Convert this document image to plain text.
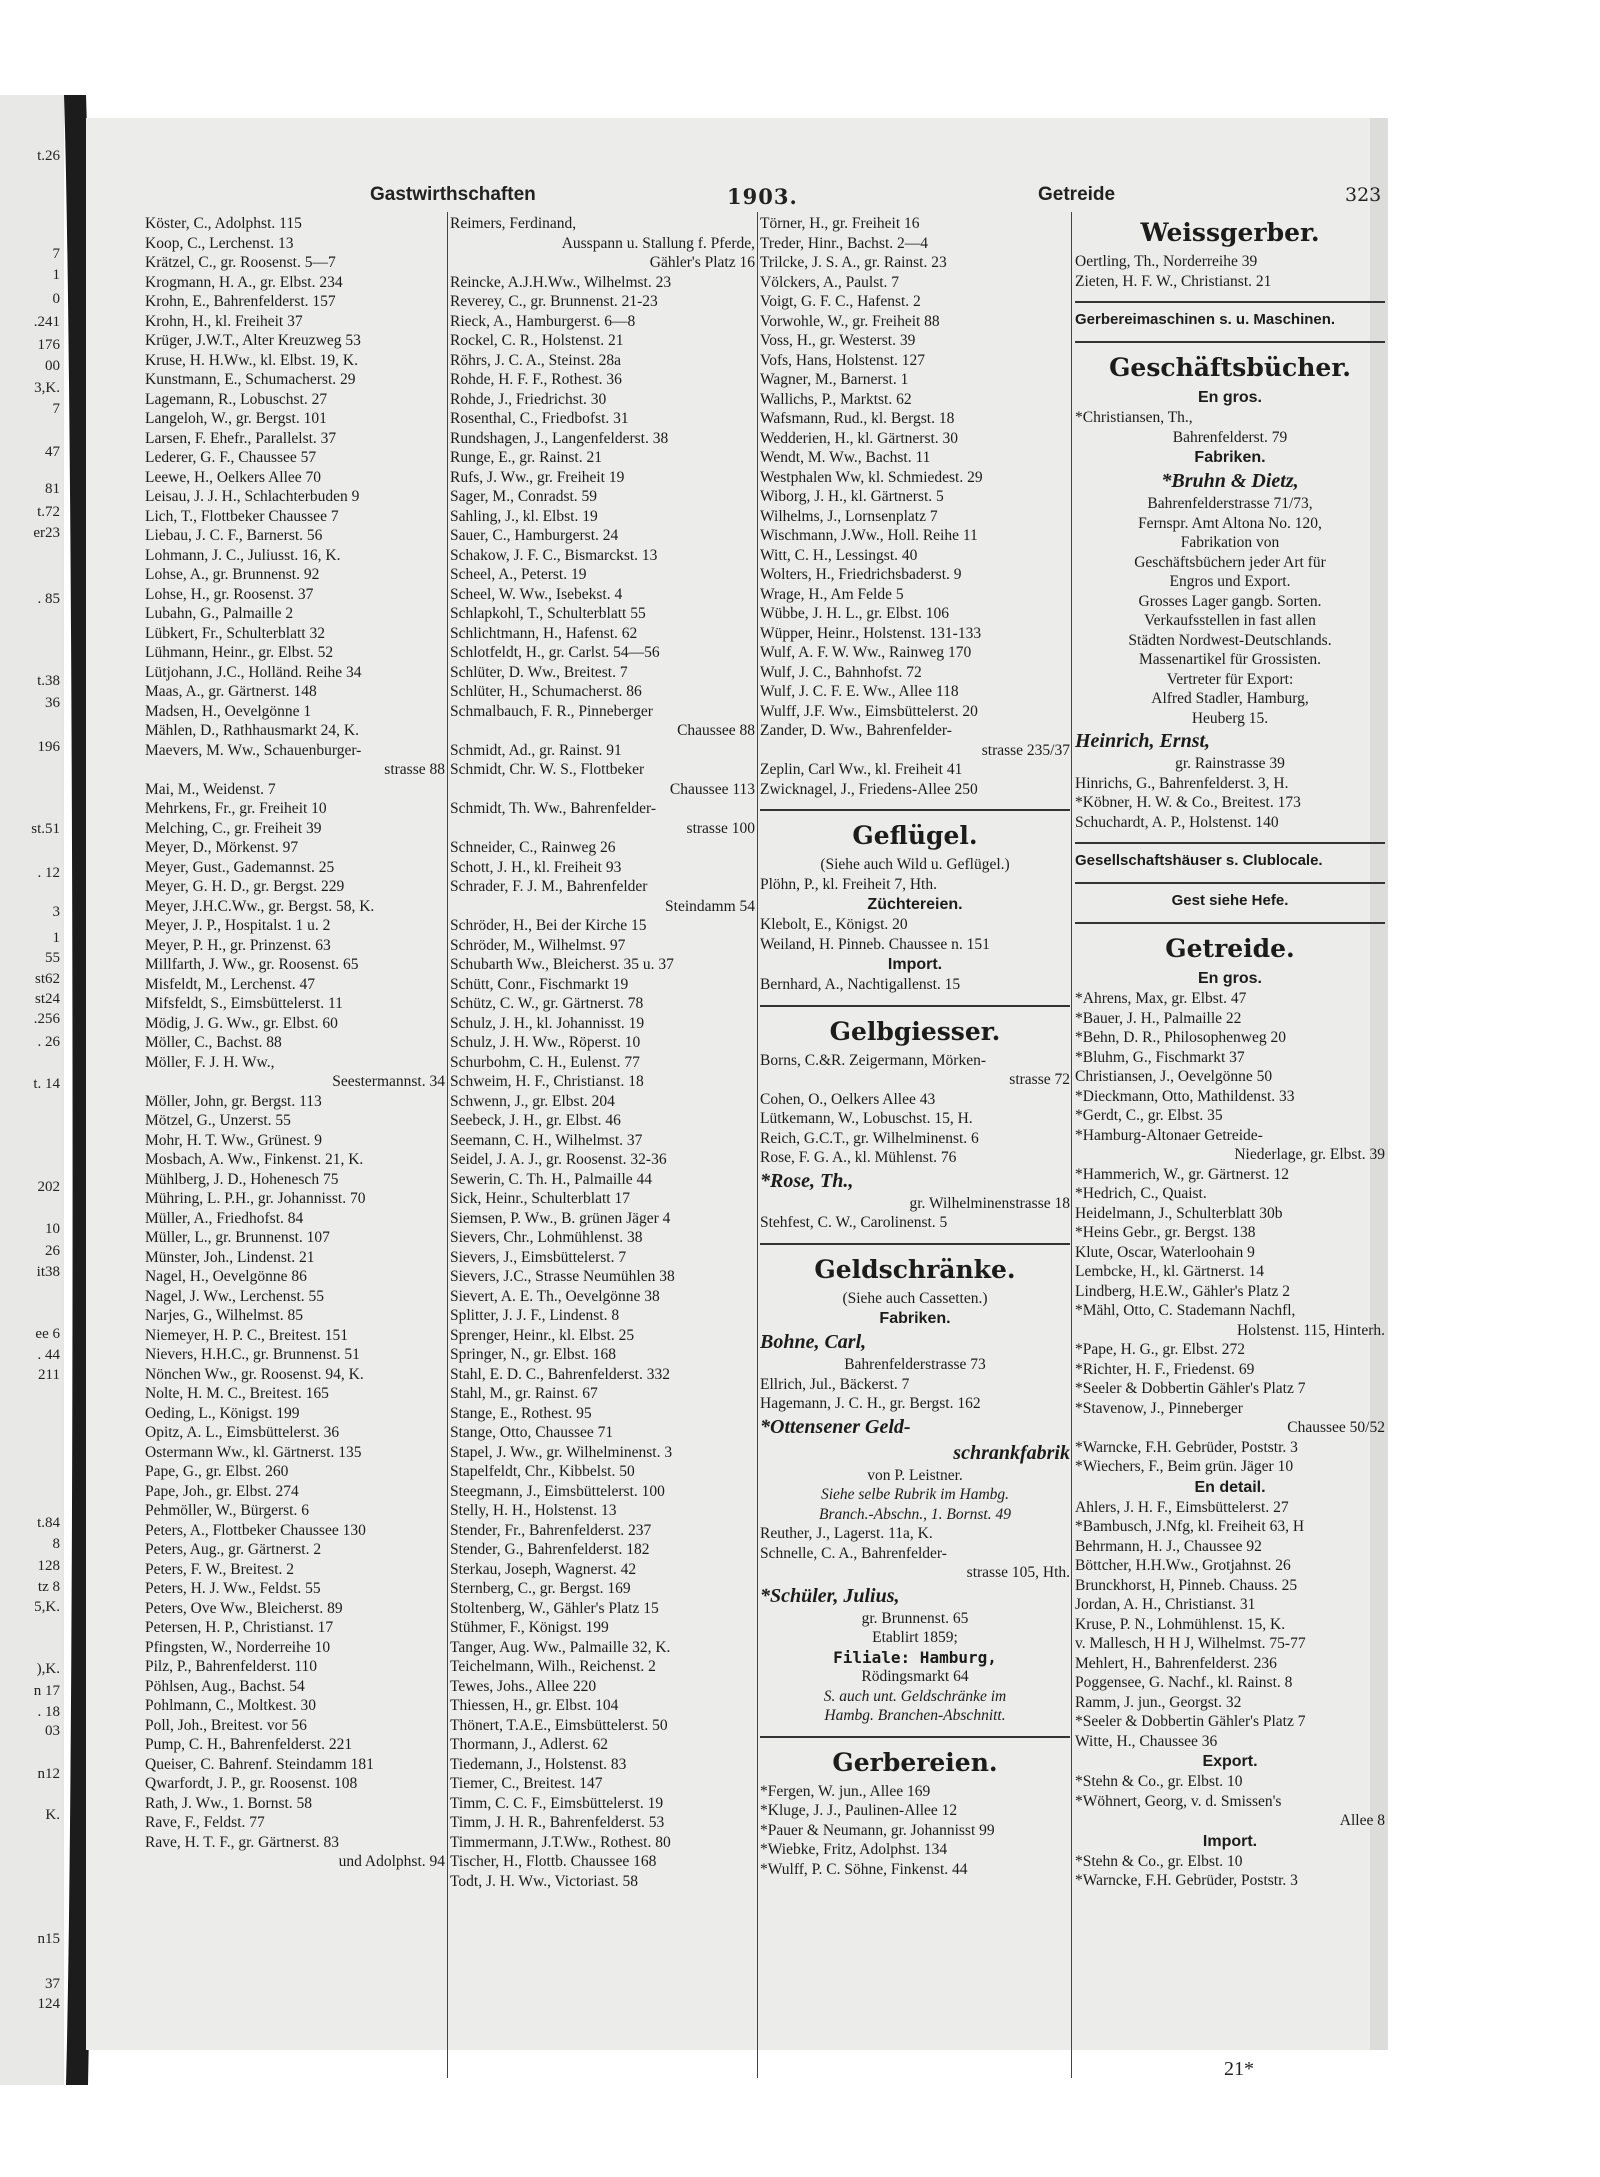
t.26
7
1
0
.241
176
00
3,K.
7
47
81
t.72
er23
. 85
t.38
36
196
st.51
. 12
3
1
55
st62
st24
.256
. 26
t. 14
202
10
26
it38
ee 6
. 44
211
t.84
8
128
tz 8
5,K.
),K.
n 17
. 18
03
n12
K.
n15
37
124
Gastwirthschaften	1903.	Getreide	323
Köster, C., Adolphst. 115
Koop, C., Lerchenst. 13
Krätzel, C., gr. Roosenst. 5—7
Krogmann, H. A., gr. Elbst. 234
Krohn, E., Bahrenfelderst. 157
Krohn, H., kl. Freiheit 37
Krüger, J.W.T., Alter Kreuzweg 53
Kruse, H. H.Ww., kl. Elbst. 19, K.
Kunstmann, E., Schumacherst. 29
Lagemann, R., Lobuschst. 27
Langeloh, W., gr. Bergst. 101
Larsen, F. Ehefr., Parallelst. 37
Lederer, G. F., Chaussee 57
Leewe, H., Oelkers Allee 70
Leisau, J. J. H., Schlachterbuden 9
Lich, T., Flottbeker Chaussee 7
Liebau, J. C. F., Barnerst. 56
Lohmann, J. C., Juliusst. 16, K.
Lohse, A., gr. Brunnenst. 92
Lohse, H., gr. Roosenst. 37
Lubahn, G., Palmaille 2
Lübkert, Fr., Schulterblatt 32
Lühmann, Heinr., gr. Elbst. 52
Lütjohann, J.C., Holländ. Reihe 34
Maas, A., gr. Gärtnerst. 148
Madsen, H., Oevelgönne 1
Mählen, D., Rathhausmarkt 24, K.
Maevers, M. Ww., Schauenburger-
strasse 88
Mai, M., Weidenst. 7
Mehrkens, Fr., gr. Freiheit 10
Melching, C., gr. Freiheit 39
Meyer, D., Mörkenst. 97
Meyer, Gust., Gademannst. 25
Meyer, G. H. D., gr. Bergst. 229
Meyer, J.H.C.Ww., gr. Bergst. 58, K.
Meyer, J. P., Hospitalst. 1 u. 2
Meyer, P. H., gr. Prinzenst. 63
Millfarth, J. Ww., gr. Roosenst. 65
Misfeldt, M., Lerchenst. 47
Mifsfeldt, S., Eimsbüttelerst. 11
Mödig, J. G. Ww., gr. Elbst. 60
Möller, C., Bachst. 88
Möller, F. J. H. Ww.,
Seestermannst. 34
Möller, John, gr. Bergst. 113
Mötzel, G., Unzerst. 55
Mohr, H. T. Ww., Grünest. 9
Mosbach, A. Ww., Finkenst. 21, K.
Mühlberg, J. D., Hohenesch 75
Mühring, L. P.H., gr. Johannisst. 70
Müller, A., Friedhofst. 84
Müller, L., gr. Brunnenst. 107
Münster, Joh., Lindenst. 21
Nagel, H., Oevelgönne 86
Nagel, J. Ww., Lerchenst. 55
Narjes, G., Wilhelmst. 85
Niemeyer, H. P. C., Breitest. 151
Nievers, H.H.C., gr. Brunnenst. 51
Nönchen Ww., gr. Roosenst. 94, K.
Nolte, H. M. C., Breitest. 165
Oeding, L., Königst. 199
Opitz, A. L., Eimsbüttelerst. 36
Ostermann Ww., kl. Gärtnerst. 135
Pape, G., gr. Elbst. 260
Pape, Joh., gr. Elbst. 274
Pehmöller, W., Bürgerst. 6
Peters, A., Flottbeker Chaussee 130
Peters, Aug., gr. Gärtnerst. 2
Peters, F. W., Breitest. 2
Peters, H. J. Ww., Feldst. 55
Peters, Ove Ww., Bleicherst. 89
Petersen, H. P., Christianst. 17
Pfingsten, W., Norderreihe 10
Pilz, P., Bahrenfelderst. 110
Pöhlsen, Aug., Bachst. 54
Pohlmann, C., Moltkest. 30
Poll, Joh., Breitest. vor 56
Pump, C. H., Bahrenfelderst. 221
Queiser, C. Bahrenf. Steindamm 181
Qwarfordt, J. P., gr. Roosenst. 108
Rath, J. Ww., 1. Bornst. 58
Rave, F., Feldst. 77
Rave, H. T. F., gr. Gärtnerst. 83
und Adolphst. 94
Reimers, Ferdinand,
Ausspann u. Stallung f. Pferde,
Gähler's Platz 16
Reincke, A.J.H.Ww., Wilhelmst. 23
Reverey, C., gr. Brunnenst. 21-23
Rieck, A., Hamburgerst. 6—8
Rockel, C. R., Holstenst. 21
Röhrs, J. C. A., Steinst. 28a
Rohde, H. F. F., Rothest. 36
Rohde, J., Friedrichst. 30
Rosenthal, C., Friedbofst. 31
Rundshagen, J., Langenfelderst. 38
Runge, E., gr. Rainst. 21
Rufs, J. Ww., gr. Freiheit 19
Sager, M., Conradst. 59
Sahling, J., kl. Elbst. 19
Sauer, C., Hamburgerst. 24
Schakow, J. F. C., Bismarckst. 13
Scheel, A., Peterst. 19
Scheel, W. Ww., Isebekst. 4
Schlapkohl, T., Schulterblatt 55
Schlichtmann, H., Hafenst. 62
Schlotfeldt, H., gr. Carlst. 54—56
Schlüter, D. Ww., Breitest. 7
Schlüter, H., Schumacherst. 86
Schmalbauch, F. R., Pinneberger
Chaussee 88
Schmidt, Ad., gr. Rainst. 91
Schmidt, Chr. W. S., Flottbeker
Chaussee 113
Schmidt, Th. Ww., Bahrenfelder-
strasse 100
Schneider, C., Rainweg 26
Schott, J. H., kl. Freiheit 93
Schrader, F. J. M., Bahrenfelder
Steindamm 54
Schröder, H., Bei der Kirche 15
Schröder, M., Wilhelmst. 97
Schubarth Ww., Bleicherst. 35 u. 37
Schütt, Conr., Fischmarkt 19
Schütz, C. W., gr. Gärtnerst. 78
Schulz, J. H., kl. Johannisst. 19
Schulz, J. H. Ww., Röperst. 10
Schurbohm, C. H., Eulenst. 77
Schweim, H. F., Christianst. 18
Schwenn, J., gr. Elbst. 204
Seebeck, J. H., gr. Elbst. 46
Seemann, C. H., Wilhelmst. 37
Seidel, J. A. J., gr. Roosenst. 32-36
Sewerin, C. Th. H., Palmaille 44
Sick, Heinr., Schulterblatt 17
Siemsen, P. Ww., B. grünen Jäger 4
Sievers, Chr., Lohmühlenst. 38
Sievers, J., Eimsbüttelerst. 7
Sievers, J.C., Strasse Neumühlen 38
Sievert, A. E. Th., Oevelgönne 38
Splitter, J. J. F., Lindenst. 8
Sprenger, Heinr., kl. Elbst. 25
Springer, N., gr. Elbst. 168
Stahl, E. D. C., Bahrenfelderst. 332
Stahl, M., gr. Rainst. 67
Stange, E., Rothest. 95
Stange, Otto, Chaussee 71
Stapel, J. Ww., gr. Wilhelminenst. 3
Stapelfeldt, Chr., Kibbelst. 50
Steegmann, J., Eimsbüttelerst. 100
Stelly, H. H., Holstenst. 13
Stender, Fr., Bahrenfelderst. 237
Stender, G., Bahrenfelderst. 182
Sterkau, Joseph, Wagnerst. 42
Sternberg, C., gr. Bergst. 169
Stoltenberg, W., Gähler's Platz 15
Stühmer, F., Königst. 199
Tanger, Aug. Ww., Palmaille 32, K.
Teichelmann, Wilh., Reichenst. 2
Tewes, Johs., Allee 220
Thiessen, H., gr. Elbst. 104
Thönert, T.A.E., Eimsbüttelerst. 50
Thormann, J., Adlerst. 62
Tiedemann, J., Holstenst. 83
Tiemer, C., Breitest. 147
Timm, C. C. F., Eimsbüttelerst. 19
Timm, J. H. R., Bahrenfelderst. 53
Timmermann, J.T.Ww., Rothest. 80
Tischer, H., Flottb. Chaussee 168
Todt, J. H. Ww., Victoriast. 58
Törner, H., gr. Freiheit 16
Treder, Hinr., Bachst. 2—4
Trilcke, J. S. A., gr. Rainst. 23
Völckers, A., Paulst. 7
Voigt, G. F. C., Hafenst. 2
Vorwohle, W., gr. Freiheit 88
Voss, H., gr. Westerst. 39
Vofs, Hans, Holstenst. 127
Wagner, M., Barnerst. 1
Wallichs, P., Marktst. 62
Wafsmann, Rud., kl. Bergst. 18
Wedderien, H., kl. Gärtnerst. 30
Wendt, M. Ww., Bachst. 11
Westphalen Ww, kl. Schmiedest. 29
Wiborg, J. H., kl. Gärtnerst. 5
Wilhelms, J., Lornsenplatz 7
Wischmann, J.Ww., Holl. Reihe 11
Witt, C. H., Lessingst. 40
Wolters, H., Friedrichsbaderst. 9
Wrage, H., Am Felde 5
Wübbe, J. H. L., gr. Elbst. 106
Wüpper, Heinr., Holstenst. 131-133
Wulf, A. F. W. Ww., Rainweg 170
Wulf, J. C., Bahnhofst. 72
Wulf, J. C. F. E. Ww., Allee 118
Wulff, J.F. Ww., Eimsbüttelerst. 20
Zander, D. Ww., Bahrenfelder-
strasse 235/37
Zeplin, Carl Ww., kl. Freiheit 41
Zwicknagel, J., Friedens-Allee 250
Geflügel.
(Siehe auch Wild u. Geflügel.)
Plöhn, P., kl. Freiheit 7, Hth.
Züchtereien.
Klebolt, E., Königst. 20
Weiland, H. Pinneb. Chaussee n. 151
Import.
Bernhard, A., Nachtigallenst. 15
Gelbgiesser.
Borns, C.&R. Zeigermann, Mörken-
strasse 72
Cohen, O., Oelkers Allee 43
Lütkemann, W., Lobuschst. 15, H.
Reich, G.C.T., gr. Wilhelminenst. 6
Rose, F. G. A., kl. Mühlenst. 76
*Rose, Th.,
gr. Wilhelminenstrasse 18
Stehfest, C. W., Carolinenst. 5
Geldschränke.
(Siehe auch Cassetten.)
Fabriken.
Bohne, Carl,
Bahrenfelderstrasse 73
Ellrich, Jul., Bäckerst. 7
Hagemann, J. C. H., gr. Bergst. 162
*Ottensener Geld-
schrankfabrik
von P. Leistner.
Siehe selbe Rubrik im Hambg.
Branch.-Abschn., 1. Bornst. 49
Reuther, J., Lagerst. 11a, K.
Schnelle, C. A., Bahrenfelder-
strasse 105, Hth.
*Schüler, Julius,
gr. Brunnenst. 65
Etablirt 1859;
Filiale: Hamburg,
Rödingsmarkt 64
S. auch unt. Geldschränke im
Hambg. Branchen-Abschnitt.
Gerbereien.
*Fergen, W. jun., Allee 169
*Kluge, J. J., Paulinen-Allee 12
*Pauer & Neumann, gr. Johannisst 99
*Wiebke, Fritz, Adolphst. 134
*Wulff, P. C. Söhne, Finkenst. 44
Weissgerber.
Oertling, Th., Norderreihe 39
Zieten, H. F. W., Christianst. 21
Gerbereimaschinen s. u. Maschinen.
Geschäftsbücher.
En gros.
*Christiansen, Th.,
Bahrenfelderst. 79
Fabriken.
*Bruhn & Dietz,
Bahrenfelderstrasse 71/73,
Fernspr. Amt Altona No. 120,
Fabrikation von
Geschäftsbüchern jeder Art für
Engros und Export.
Grosses Lager gangb. Sorten.
Verkaufsstellen in fast allen
Städten Nordwest-Deutschlands.
Massenartikel für Grossisten.
Vertreter für Export:
Alfred Stadler, Hamburg,
Heuberg 15.
Heinrich, Ernst,
gr. Rainstrasse 39
Hinrichs, G., Bahrenfelderst. 3, H.
*Köbner, H. W. & Co., Breitest. 173
Schuchardt, A. P., Holstenst. 140
Gesellschaftshäuser s. Clublocale.
Gest siehe Hefe.
Getreide.
En gros.
*Ahrens, Max, gr. Elbst. 47
*Bauer, J. H., Palmaille 22
*Behn, D. R., Philosophenweg 20
*Bluhm, G., Fischmarkt 37
Christiansen, J., Oevelgönne 50
*Dieckmann, Otto, Mathildenst. 33
*Gerdt, C., gr. Elbst. 35
*Hamburg-Altonaer Getreide-
Niederlage, gr. Elbst. 39
*Hammerich, W., gr. Gärtnerst. 12
*Hedrich, C., Quaist.
Heidelmann, J., Schulterblatt 30b
*Heins Gebr., gr. Bergst. 138
Klute, Oscar, Waterloohain 9
Lembcke, H., kl. Gärtnerst. 14
Lindberg, H.E.W., Gähler's Platz 2
*Mähl, Otto, C. Stademann Nachfl,
Holstenst. 115, Hinterh.
*Pape, H. G., gr. Elbst. 272
*Richter, H. F., Friedenst. 69
*Seeler & Dobbertin Gähler's Platz 7
*Stavenow, J., Pinneberger
Chaussee 50/52
*Warncke, F.H. Gebrüder, Poststr. 3
*Wiechers, F., Beim grün. Jäger 10
En detail.
Ahlers, J. H. F., Eimsbüttelerst. 27
*Bambusch, J.Nfg, kl. Freiheit 63, H
Behrmann, H. J., Chaussee 92
Böttcher, H.H.Ww., Grotjahnst. 26
Brunckhorst, H, Pinneb. Chauss. 25
Jordan, A. H., Christianst. 31
Kruse, P. N., Lohmühlenst. 15, K.
v. Mallesch, H H J, Wilhelmst. 75-77
Mehlert, H., Bahrenfelderst. 236
Poggensee, G. Nachf., kl. Rainst. 8
Ramm, J. jun., Georgst. 32
*Seeler & Dobbertin Gähler's Platz 7
Witte, H., Chaussee 36
Export.
*Stehn & Co., gr. Elbst. 10
*Wöhnert, Georg, v. d. Smissen's
Allee 8
Import.
*Stehn & Co., gr. Elbst. 10
*Warncke, F.H. Gebrüder, Poststr. 3
21*
